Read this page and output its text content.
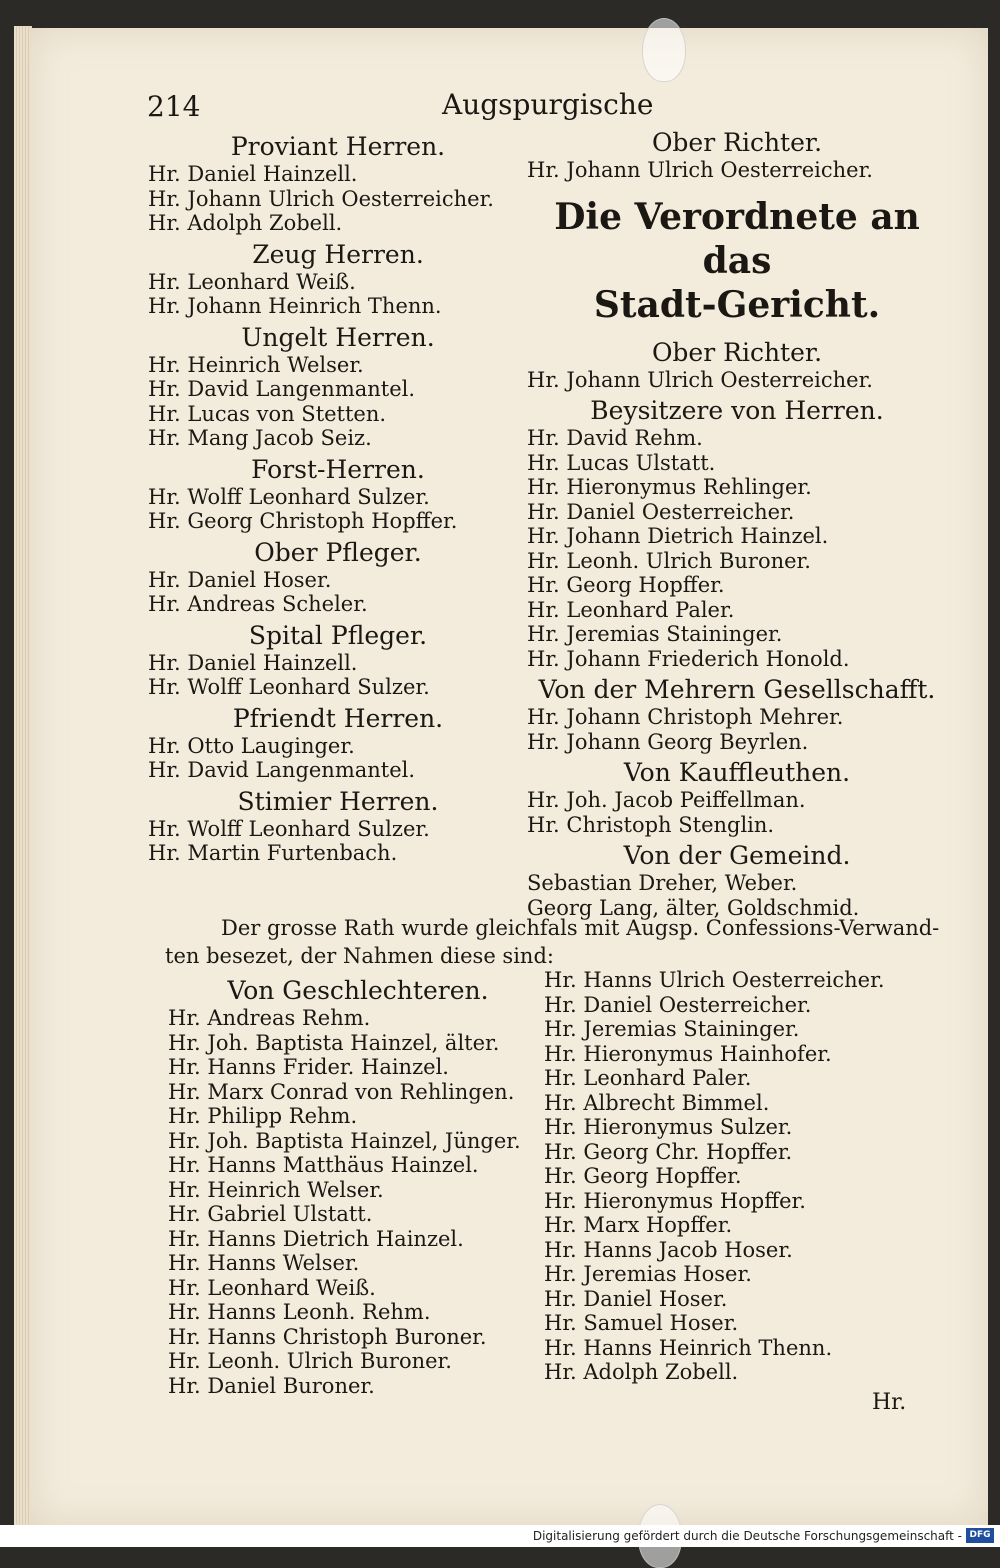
214	Augspurgische
Proviant Herren.
Hr. Daniel Hainzell.
Hr. Johann Ulrich Oesterreicher.
Hr. Adolph Zobell.
Zeug Herren.
Hr. Leonhard Weiß.
Hr. Johann Heinrich Thenn.
Ungelt Herren.
Hr. Heinrich Welser.
Hr. David Langenmantel.
Hr. Lucas von Stetten.
Hr. Mang Jacob Seiz.
Forst-Herren.
Hr. Wolff Leonhard Sulzer.
Hr. Georg Christoph Hopffer.
Ober Pfleger.
Hr. Daniel Hoser.
Hr. Andreas Scheler.
Spital Pfleger.
Hr. Daniel Hainzell.
Hr. Wolff Leonhard Sulzer.
Pfriendt Herren.
Hr. Otto Lauginger.
Hr. David Langenmantel.
Stimier Herren.
Hr. Wolff Leonhard Sulzer.
Hr. Martin Furtenbach.
Ober Richter.
Hr. Johann Ulrich Oesterreicher.
Die Verordnete an das
Stadt-Gericht.
Ober Richter.
Hr. Johann Ulrich Oesterreicher.
Beysitzere von Herren.
Hr. David Rehm.
Hr. Lucas Ulstatt.
Hr. Hieronymus Rehlinger.
Hr. Daniel Oesterreicher.
Hr. Johann Dietrich Hainzel.
Hr. Leonh. Ulrich Buroner.
Hr. Georg Hopffer.
Hr. Leonhard Paler.
Hr. Jeremias Staininger.
Hr. Johann Friederich Honold.
Von der Mehrern Gesellschafft.
Hr. Johann Christoph Mehrer.
Hr. Johann Georg Beyrlen.
Von Kauffleuthen.
Hr. Joh. Jacob Peiffellman.
Hr. Christoph Stenglin.
Von der Gemeind.
Sebastian Dreher, Weber.
Georg Lang, älter, Goldschmid.
Der grosse Rath wurde gleichfals mit Augsp. Confessions-Verwand-
ten besezet, der Nahmen diese sind:
Von Geschlechteren.
Hr. Andreas Rehm.
Hr. Joh. Baptista Hainzel, älter.
Hr. Hanns Frider. Hainzel.
Hr. Marx Conrad von Rehlingen.
Hr. Philipp Rehm.
Hr. Joh. Baptista Hainzel, Jünger.
Hr. Hanns Matthäus Hainzel.
Hr. Heinrich Welser.
Hr. Gabriel Ulstatt.
Hr. Hanns Dietrich Hainzel.
Hr. Hanns Welser.
Hr. Leonhard Weiß.
Hr. Hanns Leonh. Rehm.
Hr. Hanns Christoph Buroner.
Hr. Leonh. Ulrich Buroner.
Hr. Daniel Buroner.
Hr. Hanns Ulrich Oesterreicher.
Hr. Daniel Oesterreicher.
Hr. Jeremias Staininger.
Hr. Hieronymus Hainhofer.
Hr. Leonhard Paler.
Hr. Albrecht Bimmel.
Hr. Hieronymus Sulzer.
Hr. Georg Chr. Hopffer.
Hr. Georg Hopffer.
Hr. Hieronymus Hopffer.
Hr. Marx Hopffer.
Hr. Hanns Jacob Hoser.
Hr. Jeremias Hoser.
Hr. Daniel Hoser.
Hr. Samuel Hoser.
Hr. Hanns Heinrich Thenn.
Hr. Adolph Zobell.
Hr.
Digitalisierung gefördert durch die Deutsche Forschungsgemeinschaft - DFG
